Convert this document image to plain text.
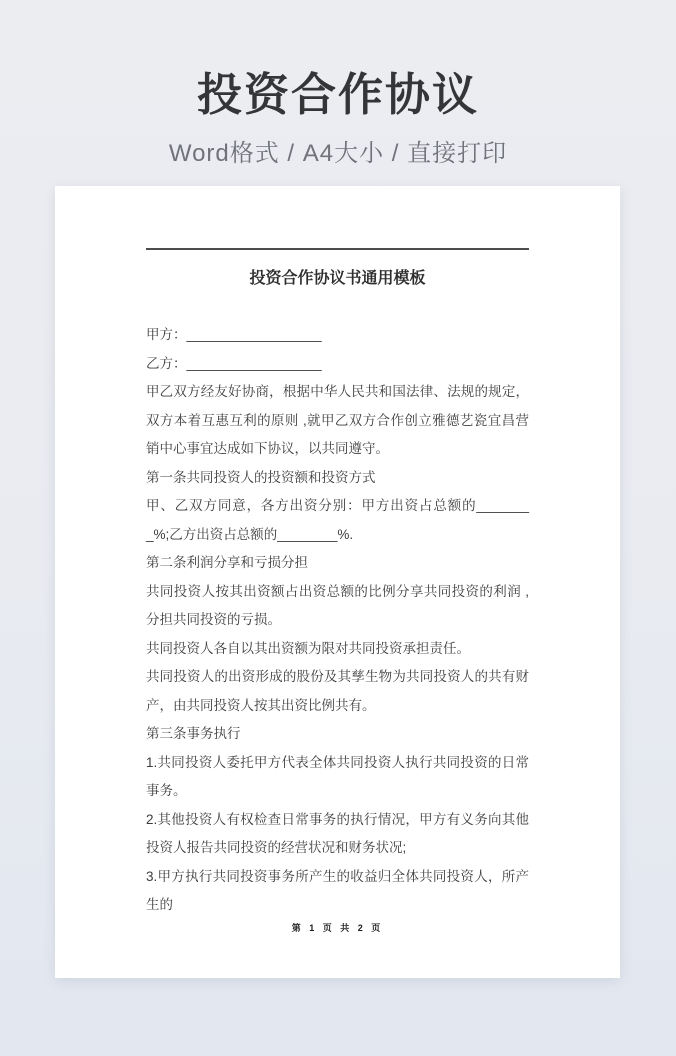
投资合作协议

Word格式 / A4大小 / 直接打印

投资合作协议书通用模板

甲方：__________________

乙方：__________________

甲乙双方经友好协商，根据中华人民共和国法律、法规的规定，双方本着互惠互利的原则 ,就甲乙双方合作创立雅德艺瓷宜昌营销中心事宜达成如下协议，以共同遵守。

第一条共同投资人的投资额和投资方式

甲、乙双方同意，各方出资分别：甲方出资占总额的________%;乙方出资占总额的________%.

第二条利润分享和亏损分担

共同投资人按其出资额占出资总额的比例分享共同投资的利润 ,分担共同投资的亏损。

共同投资人各自以其出资额为限对共同投资承担责任。

共同投资人的出资形成的股份及其孳生物为共同投资人的共有财产，由共同投资人按其出资比例共有。

第三条事务执行

1.共同投资人委托甲方代表全体共同投资人执行共同投资的日常事务。

2.其他投资人有权检查日常事务的执行情况，甲方有义务向其他投资人报告共同投资的经营状况和财务状况;

3.甲方执行共同投资事务所产生的收益归全体共同投资人，所产生的

第 1 页 共 2 页
